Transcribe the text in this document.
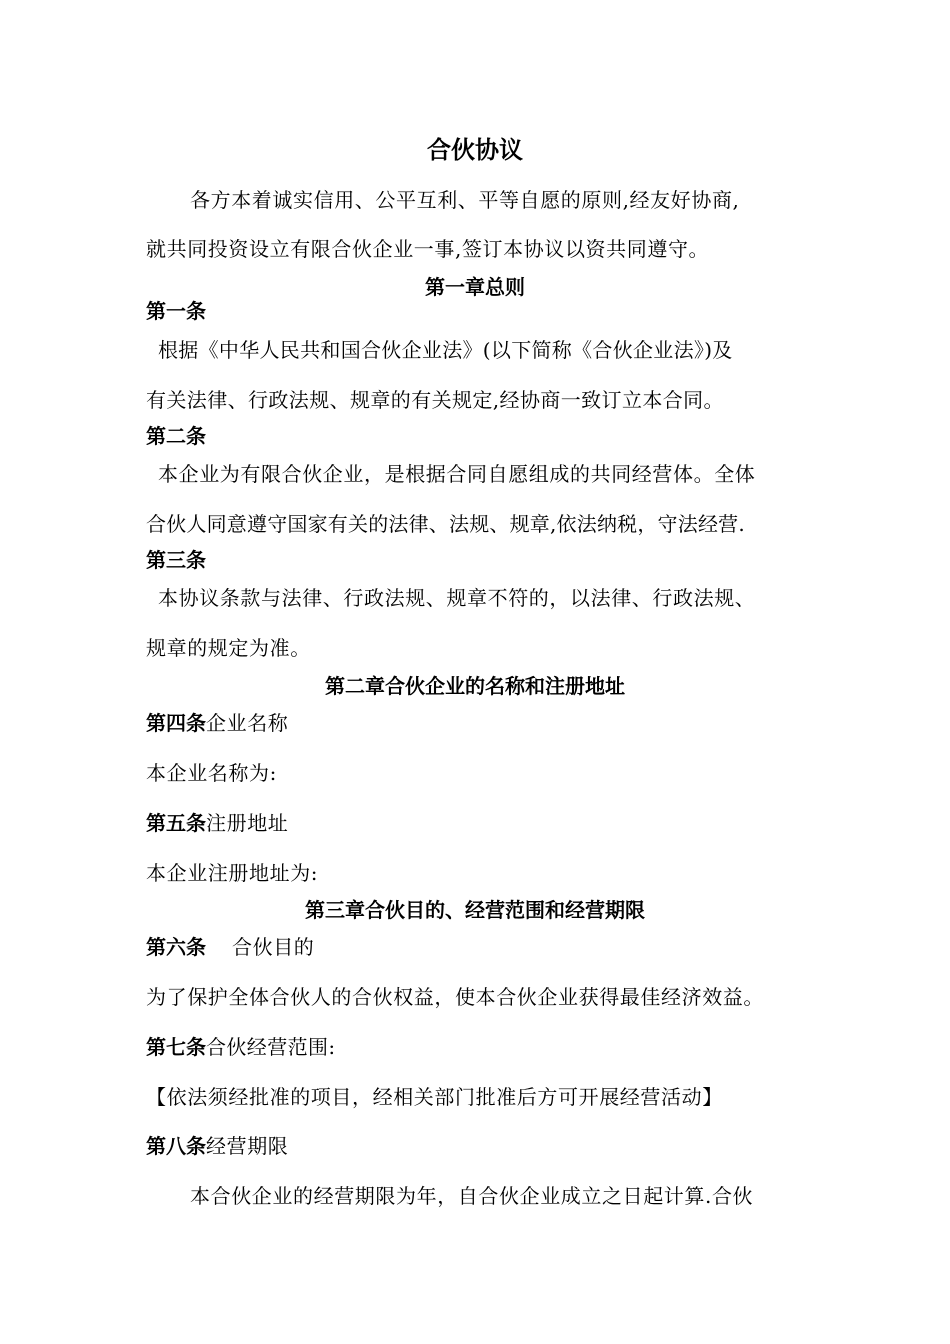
合伙协议
各方本着诚实信用、公平互利、平等自愿的原则,经友好协商,
就共同投资设立有限合伙企业一事,签订本协议以资共同遵守。
第一章总则
第一条
根据《中华人民共和国合伙企业法》(以下简称《合伙企业法》)及
有关法律、行政法规、规章的有关规定,经协商一致订立本合同。
第二条
本企业为有限合伙企业，是根据合同自愿组成的共同经营体。全体
合伙人同意遵守国家有关的法律、法规、规章,依法纳税，守法经营.
第三条
本协议条款与法律、行政法规、规章不符的，以法律、行政法规、
规章的规定为准。
第二章合伙企业的名称和注册地址
第四条企业名称
本企业名称为:
第五条注册地址
本企业注册地址为:
第三章合伙目的、经营范围和经营期限
第六条 合伙目的
为了保护全体合伙人的合伙权益，使本合伙企业获得最佳经济效益。
第七条合伙经营范围:
【依法须经批准的项目，经相关部门批准后方可开展经营活动】
第八条经营期限
本合伙企业的经营期限为年，自合伙企业成立之日起计算.合伙
